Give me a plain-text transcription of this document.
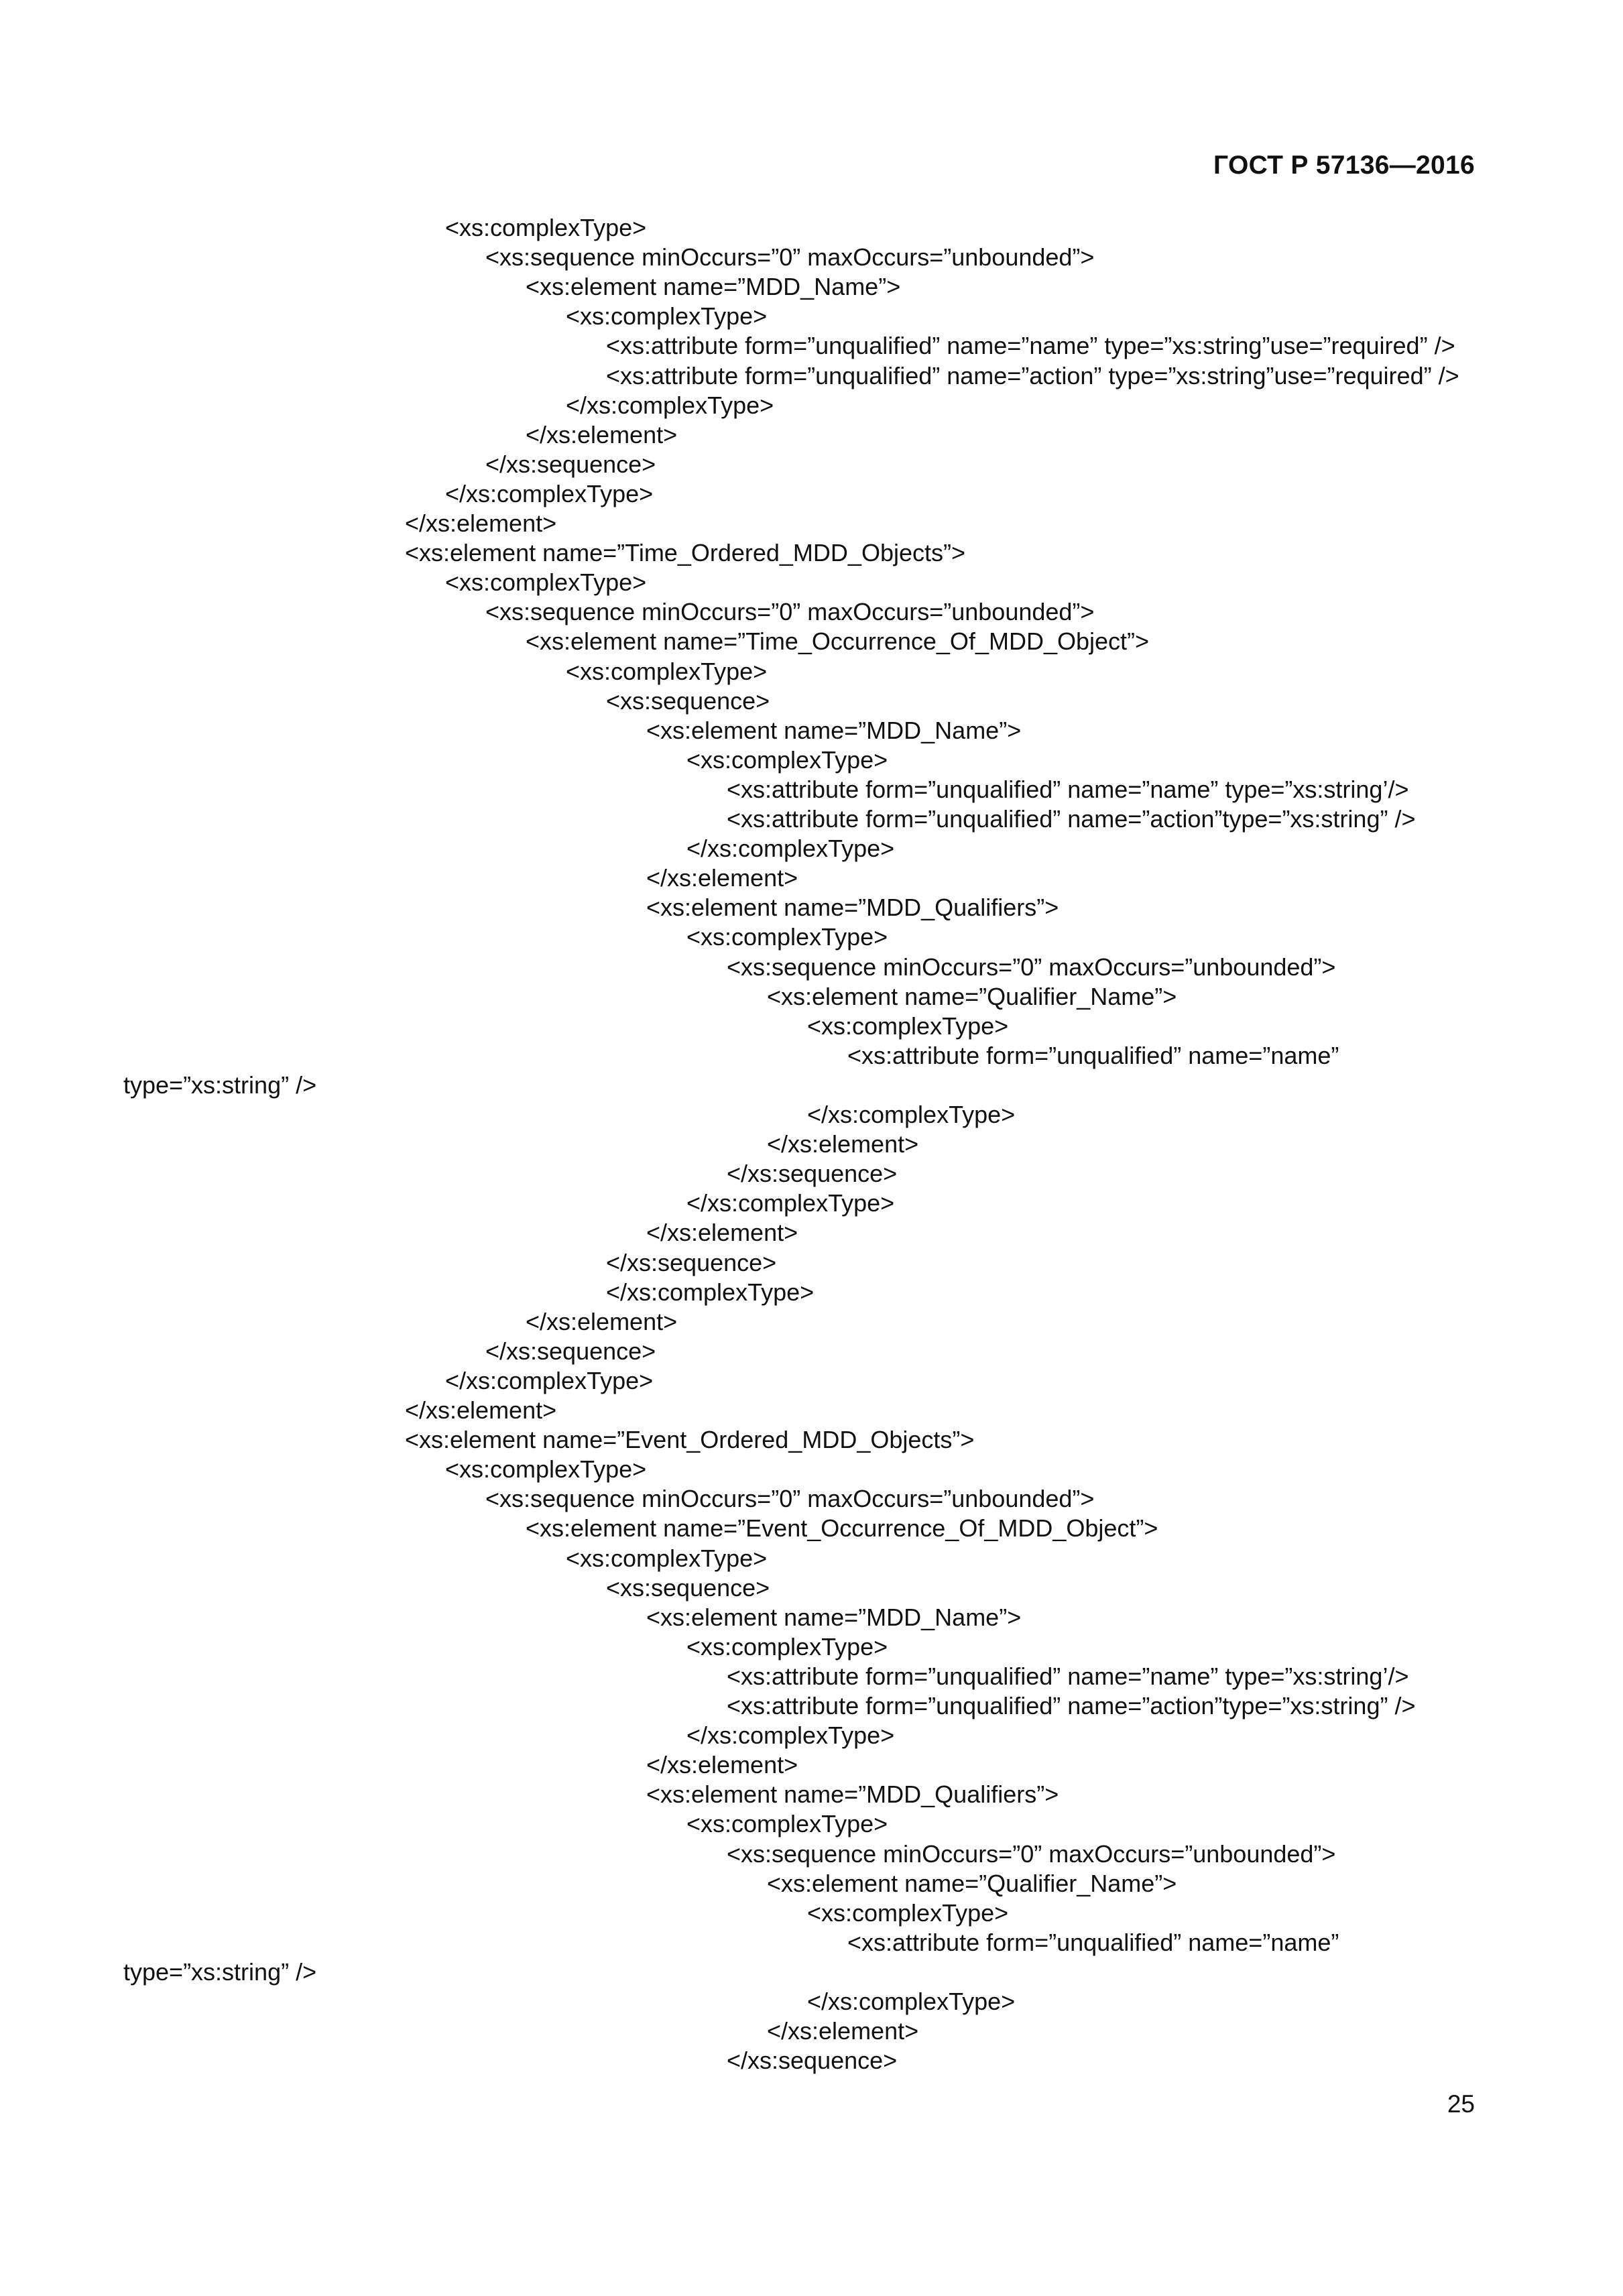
ГОСТ Р 57136—2016
<xs:complexType>
<xs:sequence minOccurs=”0” maxOccurs=”unbounded”>
<xs:element name=”MDD_Name”>
<xs:complexType>
<xs:attribute form=”unqualified” name=”name” type=”xs:string”use=”required” />
<xs:attribute form=”unqualified” name=”action” type=”xs:string”use=”required” />
</xs:complexType>
</xs:element>
</xs:sequence>
</xs:complexType>
</xs:element>
<xs:element name=”Time_Ordered_MDD_Objects”>
<xs:complexType>
<xs:sequence minOccurs=”0” maxOccurs=”unbounded”>
<xs:element name=”Time_Occurrence_Of_MDD_Object”>
<xs:complexType>
<xs:sequence>
<xs:element name=”MDD_Name”>
<xs:complexType>
<xs:attribute form=”unqualified” name=”name” type=”xs:string’/>
<xs:attribute form=”unqualified” name=”action”type=”xs:string” />
</xs:complexType>
</xs:element>
<xs:element name=”MDD_Qualifiers”>
<xs:complexType>
<xs:sequence minOccurs=”0” maxOccurs=”unbounded”>
<xs:element name=”Qualifier_Name”>
<xs:complexType>
<xs:attribute form=”unqualified” name=”name”
type=”xs:string” />
</xs:complexType>
</xs:element>
</xs:sequence>
</xs:complexType>
</xs:element>
</xs:sequence>
</xs:complexType>
</xs:element>
</xs:sequence>
</xs:complexType>
</xs:element>
<xs:element name=”Event_Ordered_MDD_Objects”>
<xs:complexType>
<xs:sequence minOccurs=”0” maxOccurs=”unbounded”>
<xs:element name=”Event_Occurrence_Of_MDD_Object”>
<xs:complexType>
<xs:sequence>
<xs:element name=”MDD_Name”>
<xs:complexType>
<xs:attribute form=”unqualified” name=”name” type=”xs:string’/>
<xs:attribute form=”unqualified” name=”action”type=”xs:string” />
</xs:complexType>
</xs:element>
<xs:element name=”MDD_Qualifiers”>
<xs:complexType>
<xs:sequence minOccurs=”0” maxOccurs=”unbounded”>
<xs:element name=”Qualifier_Name”>
<xs:complexType>
<xs:attribute form=”unqualified” name=”name”
type=”xs:string” />
</xs:complexType>
</xs:element>
</xs:sequence>
25
